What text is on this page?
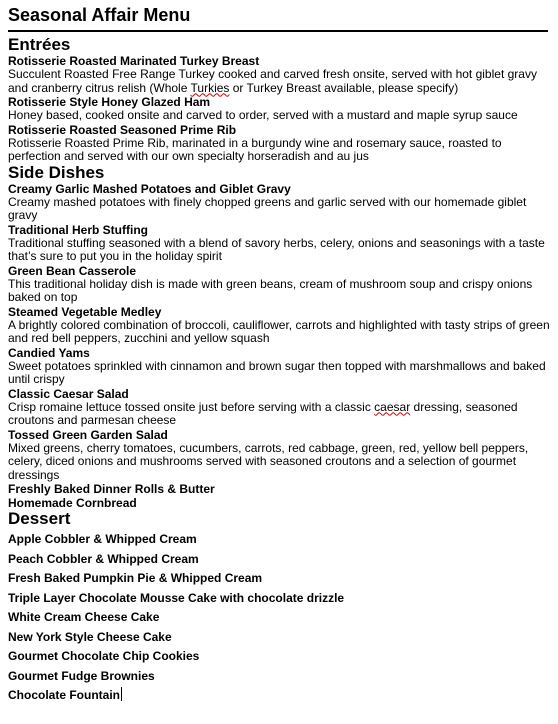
Seasonal Affair Menu
Entrées
Rotisserie Roasted Marinated Turkey Breast
Succulent Roasted Free Range Turkey cooked and carved fresh onsite, served with hot giblet gravy and cranberry citrus relish (Whole Turkies or Turkey Breast available, please specify)
Rotisserie Style Honey Glazed Ham
Honey based, cooked onsite and carved to order, served with a mustard and maple syrup sauce
Rotisserie Roasted Seasoned Prime Rib
Rotisserie Roasted Prime Rib, marinated in a burgundy wine and rosemary sauce, roasted to perfection and served with our own specialty horseradish and au jus
Side Dishes
Creamy Garlic Mashed Potatoes and Giblet Gravy
Creamy mashed potatoes with finely chopped greens and garlic served with our homemade giblet gravy
Traditional Herb Stuffing
Traditional stuffing seasoned with a blend of savory herbs, celery, onions and seasonings with a taste that’s sure to put you in the holiday spirit
Green Bean Casserole
This traditional holiday dish is made with green beans, cream of mushroom soup and crispy onions baked on top
Steamed Vegetable Medley
A brightly colored combination of broccoli, cauliflower, carrots and highlighted with tasty strips of green and red bell peppers, zucchini and yellow squash
Candied Yams
Sweet potatoes sprinkled with cinnamon and brown sugar then topped with marshmallows and baked until crispy
Classic Caesar Salad
Crisp romaine lettuce tossed onsite just before serving with a classic caesar dressing, seasoned croutons and parmesan cheese
Tossed Green Garden Salad
Mixed greens, cherry tomatoes, cucumbers, carrots, red cabbage, green, red, yellow bell peppers, celery, diced onions and mushrooms served with seasoned croutons and a selection of gourmet dressings
Freshly Baked Dinner Rolls & Butter
Homemade Cornbread
Dessert
Apple Cobbler & Whipped Cream
Peach Cobbler & Whipped Cream
Fresh Baked Pumpkin Pie & Whipped Cream
Triple Layer Chocolate Mousse Cake with chocolate drizzle
White Cream Cheese Cake
New York Style Cheese Cake
Gourmet Chocolate Chip Cookies
Gourmet Fudge Brownies
Chocolate Fountain
